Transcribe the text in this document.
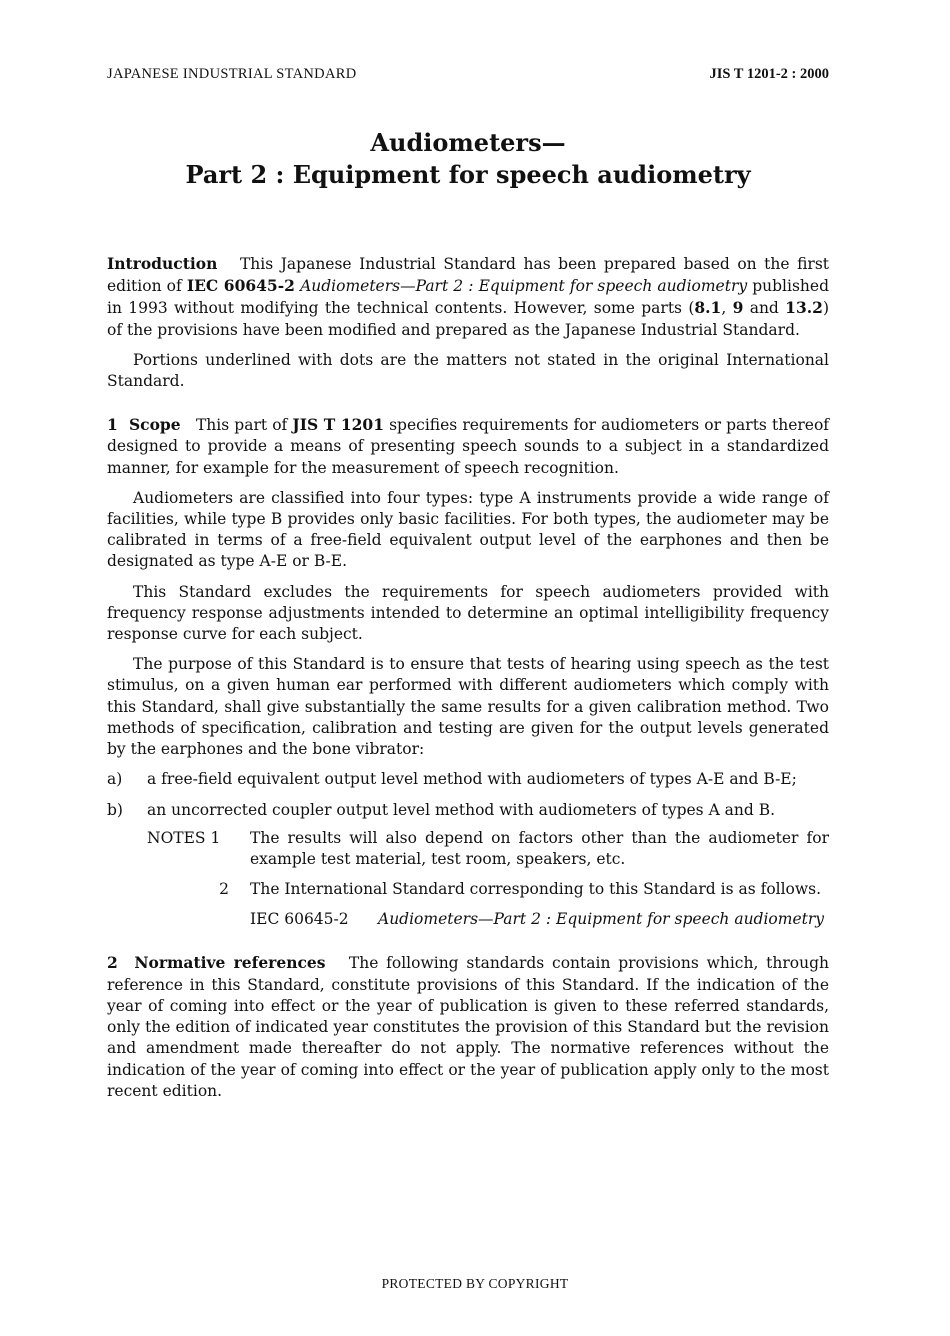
JAPANESE INDUSTRIAL STANDARD	JIS T 1201-2 : 2000
Audiometers—
Part 2 : Equipment for speech audiometry

Introduction This Japanese Industrial Standard has been prepared based on the first edition of IEC 60645-2 Audiometers—Part 2 : Equipment for speech audiometry published in 1993 without modifying the technical contents. However, some parts (8.1, 9 and 13.2) of the provisions have been modified and prepared as the Japanese Industrial Standard.

Portions underlined with dots are the matters not stated in the original International Standard.

1 Scope This part of JIS T 1201 specifies requirements for audiometers or parts thereof designed to provide a means of presenting speech sounds to a subject in a standardized manner, for example for the measurement of speech recognition.

Audiometers are classified into four types: type A instruments provide a wide range of facilities, while type B provides only basic facilities. For both types, the audiometer may be calibrated in terms of a free-field equivalent output level of the earphones and then be designated as type A-E or B-E.

This Standard excludes the requirements for speech audiometers provided with frequency response adjustments intended to determine an optimal intelligibility frequency response curve for each subject.

The purpose of this Standard is to ensure that tests of hearing using speech as the test stimulus, on a given human ear performed with different audiometers which comply with this Standard, shall give substantially the same results for a given calibration method. Two methods of specification, calibration and testing are given for the output levels generated by the earphones and the bone vibrator:

a)	a free-field equivalent output level method with audiometers of types A-E and B-E;
b)	an uncorrected coupler output level method with audiometers of types A and B.
NOTES 1	The results will also depend on factors other than the audiometer for example test material, test room, speakers, etc.
2	The International Standard corresponding to this Standard is as follows.
IEC 60645-2	Audiometers—Part 2 : Equipment for speech audiometry

2 Normative references The following standards contain provisions which, through reference in this Standard, constitute provisions of this Standard. If the indication of the year of coming into effect or the year of publication is given to these referred standards, only the edition of indicated year constitutes the provision of this Standard but the revision and amendment made thereafter do not apply. The normative references without the indication of the year of coming into effect or the year of publication apply only to the most recent edition.

PROTECTED BY COPYRIGHT
